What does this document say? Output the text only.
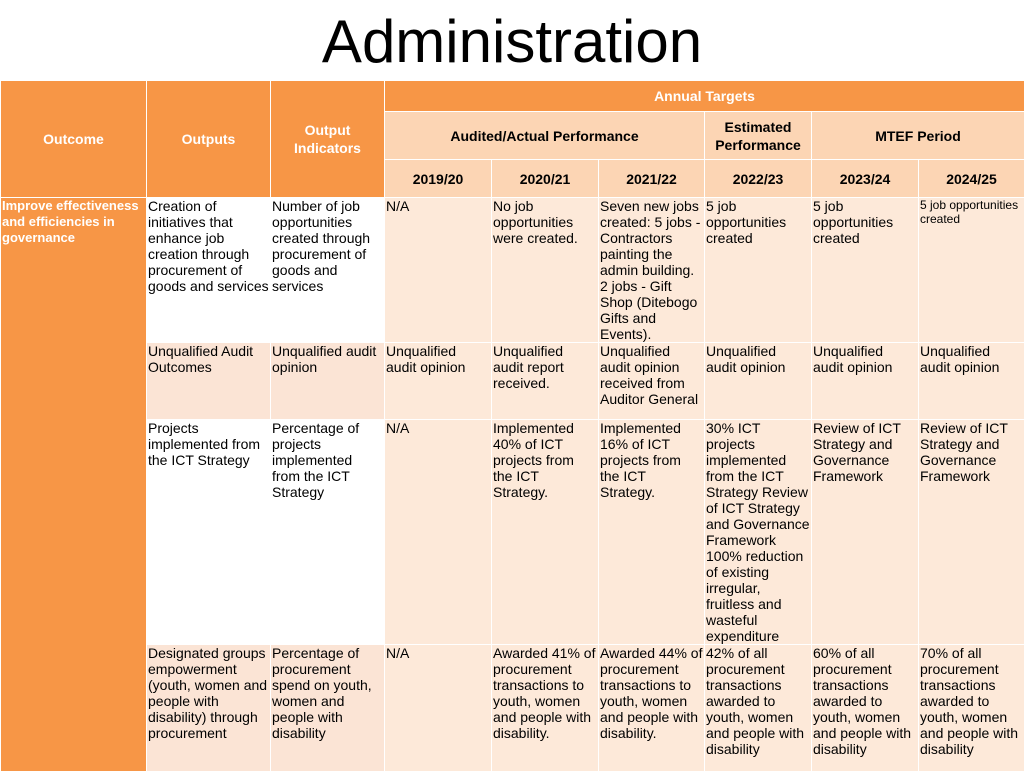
Administration
Outcome	Outputs	Output Indicators	Annual Targets					
			Audited/Actual Performance			Estimated Performance	MTEF Period	
			2019/20	2020/21	2021/22	2022/23	2023/24	2024/25
Improve effectiveness and efficiencies in governance	Creation of initiatives that enhance job creation through procurement of goods and services	Number of job opportunities created through procurement of goods and services	N/A	No job opportunities were created.	Seven new jobs created: 5 jobs - Contractors painting the admin building. 2 jobs - Gift Shop (Ditebogo Gifts and Events).	5 job opportunities created	5 job opportunities created	5 job opportunities created
	Unqualified Audit Outcomes	Unqualified audit opinion	Unqualified audit opinion	Unqualified audit report received.	Unqualified audit opinion received from Auditor General	Unqualified audit opinion	Unqualified audit opinion	Unqualified audit opinion
	Projects implemented from the ICT Strategy	Percentage of projects implemented from the ICT Strategy	N/A	Implemented 40% of ICT projects from the ICT Strategy.	Implemented 16% of ICT projects from the ICT Strategy.	30% ICT projects implemented from the ICT Strategy Review of ICT Strategy and Governance Framework 100% reduction of existing irregular, fruitless and wasteful expenditure	Review of ICT Strategy and Governance Framework	Review of ICT Strategy and Governance Framework
	Designated groups empowerment (youth, women and people with disability) through procurement	Percentage of procurement spend on youth, women and people with disability	N/A	Awarded 41% of procurement transactions to youth, women and people with disability.	Awarded 44% of procurement transactions to youth, women and people with disability.	42% of all procurement transactions awarded to youth, women and people with disability	60% of all procurement transactions awarded to youth, women and people with disability	70% of all procurement transactions awarded to youth, women and people with disability
